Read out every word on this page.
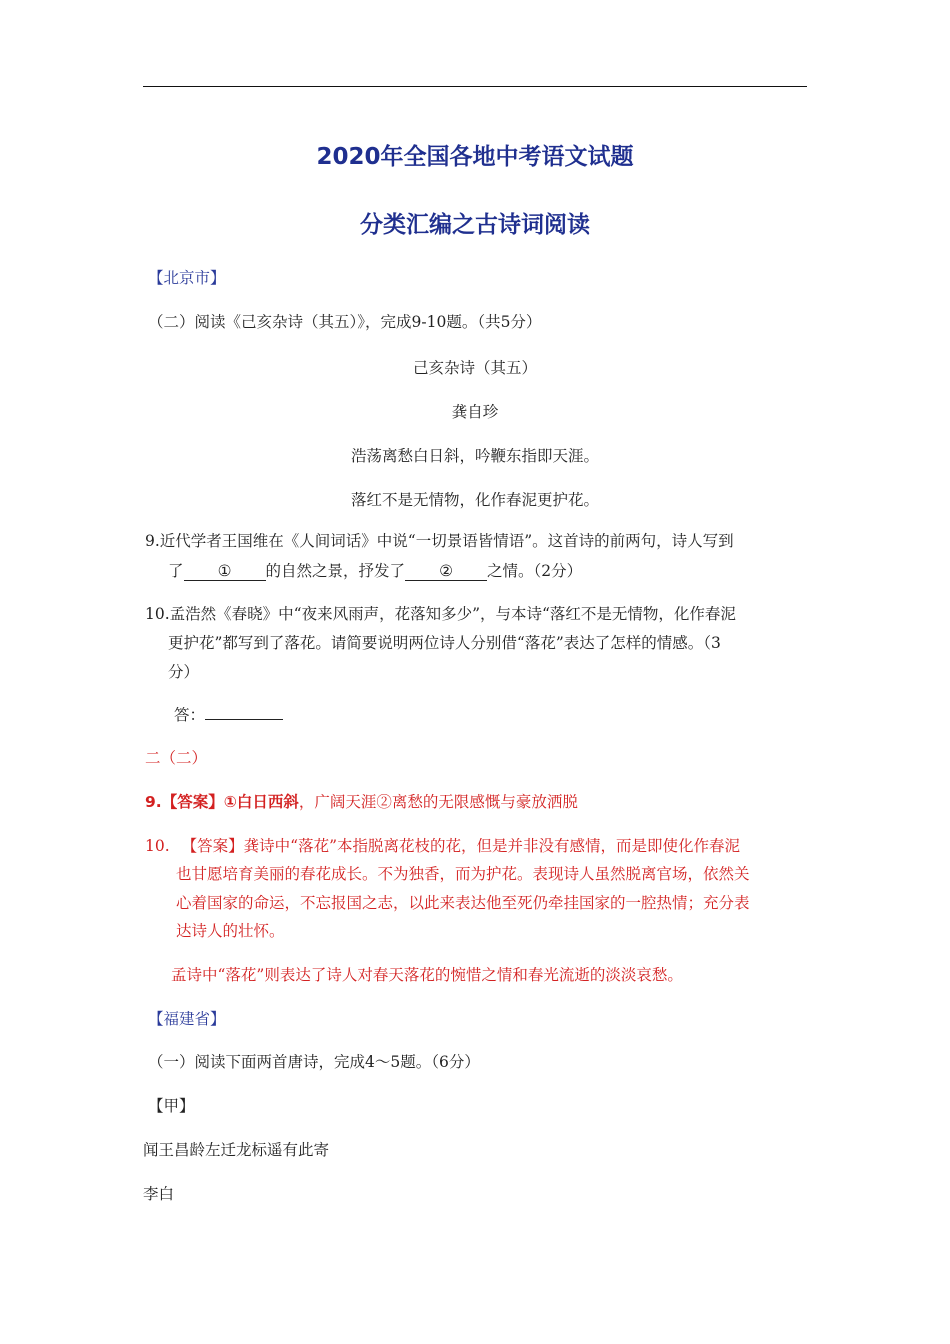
2020年全国各地中考语文试题
分类汇编之古诗词阅读
【北京市】
（二）阅读《己亥杂诗（其五）》，完成9-10题。（共5分）
己亥杂诗（其五）
龚自珍
浩荡离愁白日斜，吟鞭东指即天涯。
落红不是无情物，化作春泥更护花。
9.近代学者王国维在《人间词话》中说“一切景语皆情语”。这首诗的前两句，诗人写到
了 ① 的自然之景，抒发了 ② 之情。（2分）
10.孟浩然《春晓》中“夜来风雨声，花落知多少”，与本诗“落红不是无情物，化作春泥
更护花”都写到了落花。请简要说明两位诗人分别借“落花”表达了怎样的情感。（3
分）
答：
二（二）
9.【答案】①白日西斜，广阔天涯②离愁的无限感慨与豪放洒脱
10. 【答案】龚诗中“落花”本指脱离花枝的花，但是并非没有感情，而是即使化作春泥
也甘愿培育美丽的春花成长。不为独香，而为护花。表现诗人虽然脱离官场，依然关
心着国家的命运，不忘报国之志，以此来表达他至死仍牵挂国家的一腔热情；充分表
达诗人的壮怀。
孟诗中“落花”则表达了诗人对春天落花的惋惜之情和春光流逝的淡淡哀愁。
【福建省】
（一）阅读下面两首唐诗，完成4～5题。（6分）
【甲】
闻王昌龄左迁龙标遥有此寄
李白
